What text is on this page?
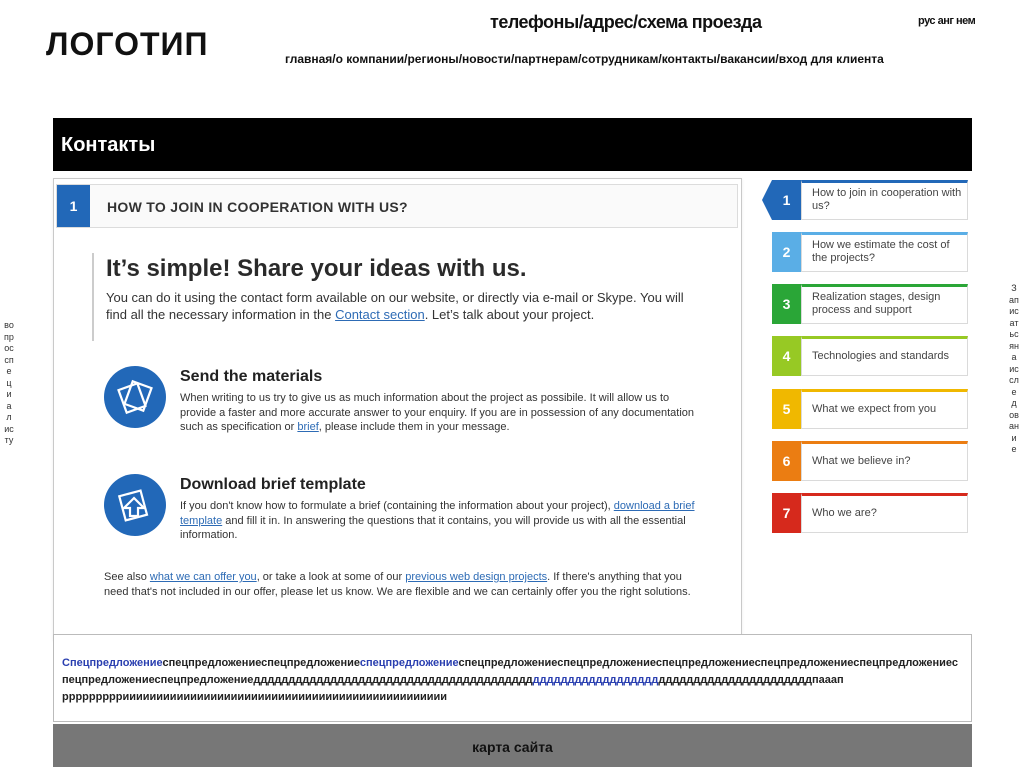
ЛОГОТИП
телефоны/адрес/схема проезда	рус анг нем
главная/о компании/регионы/новости/партнерам/сотрудникам/контакты/вакансии/вход для клиента
Контакты
1	HOW TO JOIN IN COOPERATION WITH US?
It’s simple! Share your ideas with us.
You can do it using the contact form available on our website, or directly via e-mail or Skype. You will find all the necessary information in the Contact section. Let’s talk about your project.
Send the materials
When writing to us try to give us as much information about the project as possibile. It will allow us to provide a faster and more accurate answer to your enquiry. If you are in possession of any documentation such as specification or brief, please include them in your message.
Download brief template
If you don't know how to formulate a brief (containing the information about your project), download a brief template and fill it in. In answering the questions that it contains, you will provide us with all the essential information.
See also what we can offer you, or take a look at some of our previous web design projects. If there's anything that you need that's not included in our offer, please let us know. We are flexible and we can certainly offer you the right solutions.
1	How to join in cooperation with us?
2	How we estimate the cost of the projects?
3	Realization stages, design process and support
4	Technologies and standards
5	What we expect from you
6	What we believe in?
7	Who we are?
вопросспециалисту
Записатьсянаисследование
Спецпредложениеспецпредложениеспецпредложениеспецпредложениеспецпредложениеспецпредложениеспецпредложениеспецпредложениеспецпредложениеспецпредложениеспецпредложениеддддддддддддддддддддддддддддддддддддддддддддддддддддддддддддддддддддддддддддддддпааап
рррррррррииииииииииииииииииииииииииииииииииииииииииииииии
карта сайта
